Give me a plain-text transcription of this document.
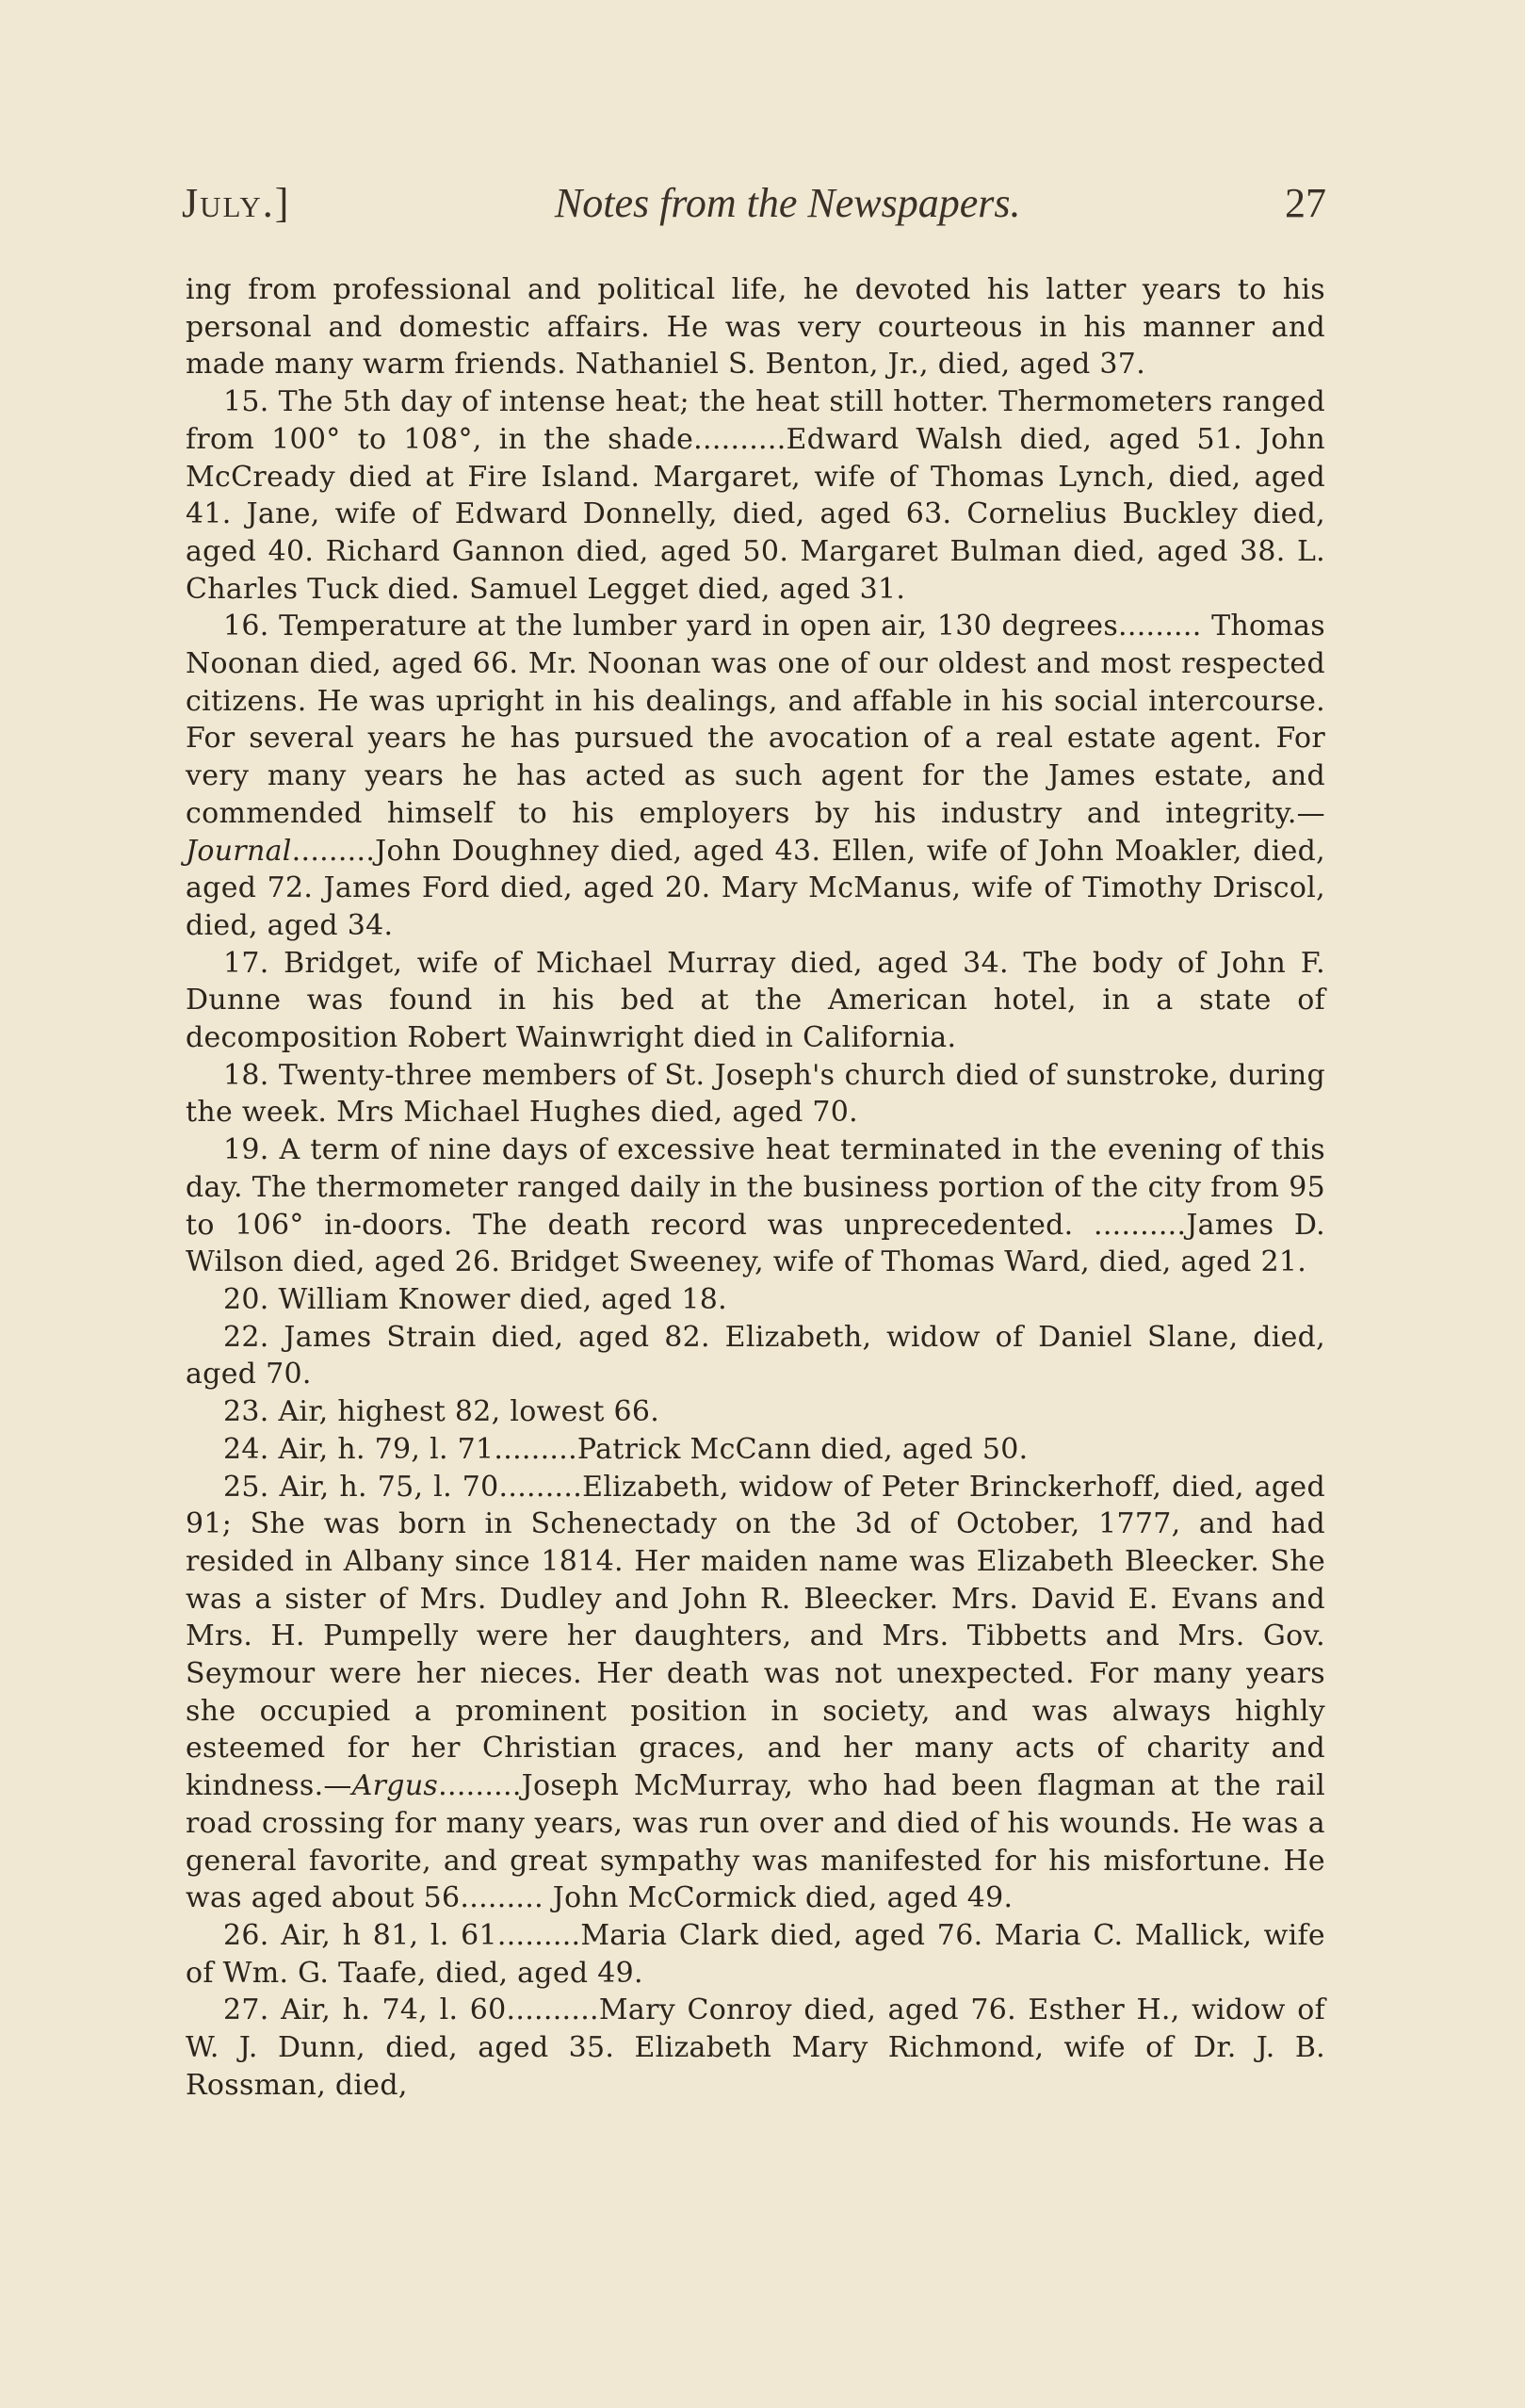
July.]	Notes from the Newspapers.	27

ing from professional and political life, he devoted his latter years to his personal and domestic affairs. He was very courteous in his manner and made many warm friends. Nathaniel S. Benton, Jr., died, aged 37.

15. The 5th day of intense heat; the heat still hotter. Thermometers ranged from 100° to 108°, in the shade..........Edward Walsh died, aged 51. John McCready died at Fire Island. Margaret, wife of Thomas Lynch, died, aged 41. Jane, wife of Edward Donnelly, died, aged 63. Cornelius Buckley died, aged 40. Richard Gannon died, aged 50. Margaret Bulman died, aged 38. L. Charles Tuck died. Samuel Legget died, aged 31.

16. Temperature at the lumber yard in open air, 130 degrees......... Thomas Noonan died, aged 66. Mr. Noonan was one of our oldest and most respected citizens. He was upright in his dealings, and affable in his social intercourse. For several years he has pursued the avocation of a real estate agent. For very many years he has acted as such agent for the James estate, and commended himself to his employers by his industry and integrity.—Journal.........John Doughney died, aged 43. Ellen, wife of John Moakler, died, aged 72. James Ford died, aged 20. Mary McManus, wife of Timothy Driscol, died, aged 34.

17. Bridget, wife of Michael Murray died, aged 34. The body of John F. Dunne was found in his bed at the American hotel, in a state of decomposition Robert Wainwright died in California.

18. Twenty-three members of St. Joseph's church died of sunstroke, during the week. Mrs Michael Hughes died, aged 70.

19. A term of nine days of excessive heat terminated in the evening of this day. The thermometer ranged daily in the business portion of the city from 95 to 106° in-doors. The death record was unprecedented. ..........James D. Wilson died, aged 26. Bridget Sweeney, wife of Thomas Ward, died, aged 21.

20. William Knower died, aged 18.

22. James Strain died, aged 82. Elizabeth, widow of Daniel Slane, died, aged 70.

23. Air, highest 82, lowest 66.

24. Air, h. 79, l. 71.........Patrick McCann died, aged 50.

25. Air, h. 75, l. 70.........Elizabeth, widow of Peter Brinckerhoff, died, aged 91; She was born in Schenectady on the 3d of October, 1777, and had resided in Albany since 1814. Her maiden name was Elizabeth Bleecker. She was a sister of Mrs. Dudley and John R. Bleecker. Mrs. David E. Evans and Mrs. H. Pumpelly were her daughters, and Mrs. Tibbetts and Mrs. Gov. Seymour were her nieces. Her death was not unexpected. For many years she occupied a prominent position in society, and was always highly esteemed for her Christian graces, and her many acts of charity and kindness.—Argus.........Joseph McMurray, who had been flagman at the rail road crossing for many years, was run over and died of his wounds. He was a general favorite, and great sympathy was manifested for his misfortune. He was aged about 56......... John McCormick died, aged 49.

26. Air, h 81, l. 61.........Maria Clark died, aged 76. Maria C. Mallick, wife of Wm. G. Taafe, died, aged 49.

27. Air, h. 74, l. 60..........Mary Conroy died, aged 76. Esther H., widow of W. J. Dunn, died, aged 35. Elizabeth Mary Richmond, wife of Dr. J. B. Rossman, died,
